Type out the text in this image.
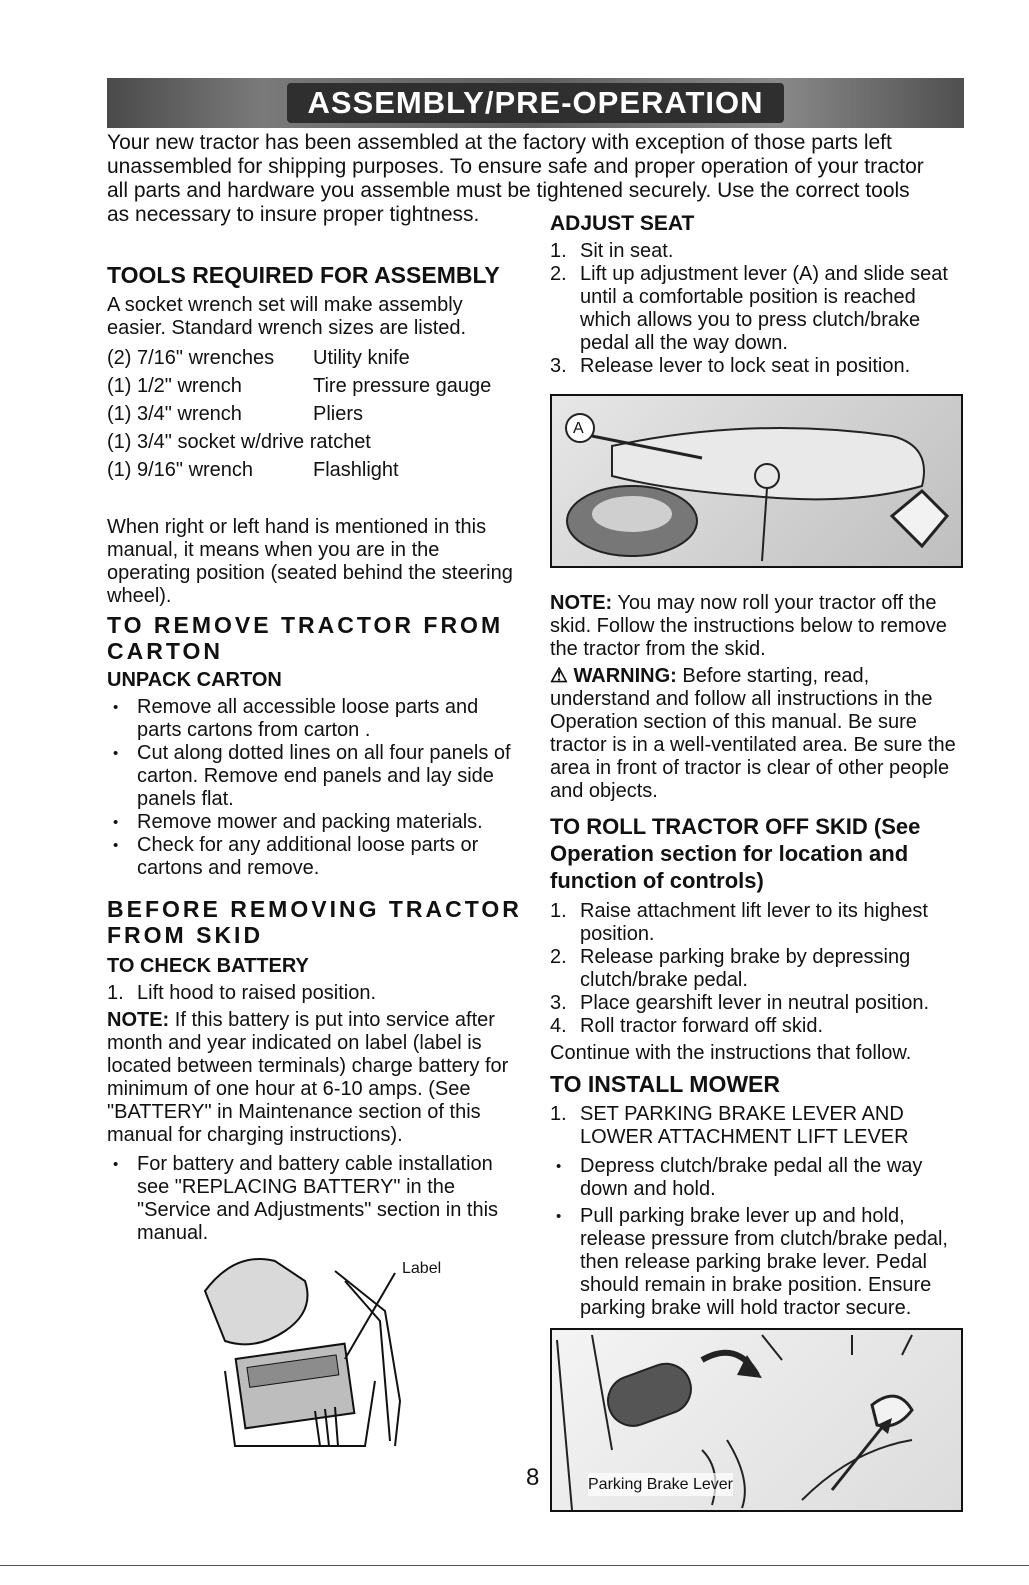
ASSEMBLY/PRE-OPERATION

Your new tractor has been assembled at the factory with exception of those parts left

unassembled for shipping purposes. To ensure safe and proper operation of your tractor

all parts and hardware you assemble must be tightened securely. Use the correct tools

as necessary to insure proper tightness.

TOOLS REQUIRED FOR ASSEMBLY

A socket wrench set will make assembly easier. Standard wrench sizes are listed.

(2) 7/16" wrenches	Utility knife
(1) 1/2" wrench	Tire pressure gauge
(1) 3/4" wrench	Pliers
(1) 3/4" socket w/drive ratchet
(1) 9/16" wrench	Flashlight

When right or left hand is mentioned in this manual, it means when you are in the operating position (seated behind the steering wheel).

TO REMOVE TRACTOR FROM CARTON
UNPACK CARTON
• Remove all accessible loose parts and parts cartons from carton .
• Cut along dotted lines on all four panels of carton. Remove end panels and lay side panels flat.
• Remove mower and packing materials.
• Check for any additional loose parts or cartons and remove.
BEFORE REMOVING TRACTOR FROM SKID
TO CHECK BATTERY
1. Lift hood to raised position.

NOTE: If this battery is put into service after month and year indicated on label (label is located between terminals) charge battery for minimum of one hour at 6-10 amps. (See "BATTERY" in Maintenance section of this manual for charging instructions).

• For battery and battery cable installation see "REPLACING BATTERY" in the "Service and Adjustments" section in this manual.
Label
ADJUST SEAT
1. Sit in seat.
2. Lift up adjustment lever (A) and slide seat until a comfortable position is reached which allows you to press clutch/brake pedal all the way down.
3. Release lever to lock seat in position.
A

NOTE: You may now roll your tractor off the skid. Follow the instructions below to remove the tractor from the skid.

⚠ WARNING: Before starting, read, understand and follow all instructions in the Operation section of this manual. Be sure tractor is in a well-ventilated area. Be sure the area in front of tractor is clear of other people and objects.

TO ROLL TRACTOR OFF SKID (See Operation section for location and function of controls)
1. Raise attachment lift lever to its highest position.
2. Release parking brake by depressing clutch/brake pedal.
3. Place gearshift lever in neutral position.
4. Roll tractor forward off skid.

Continue with the instructions that follow.

TO INSTALL MOWER
1. SET PARKING BRAKE LEVER AND LOWER ATTACHMENT LIFT LEVER
• Depress clutch/brake pedal all the way down and hold.
• Pull parking brake lever up and hold, release pressure from clutch/brake pedal, then release parking brake lever. Pedal should remain in brake position. Ensure parking brake will hold tractor secure.
Parking Brake Lever
8
